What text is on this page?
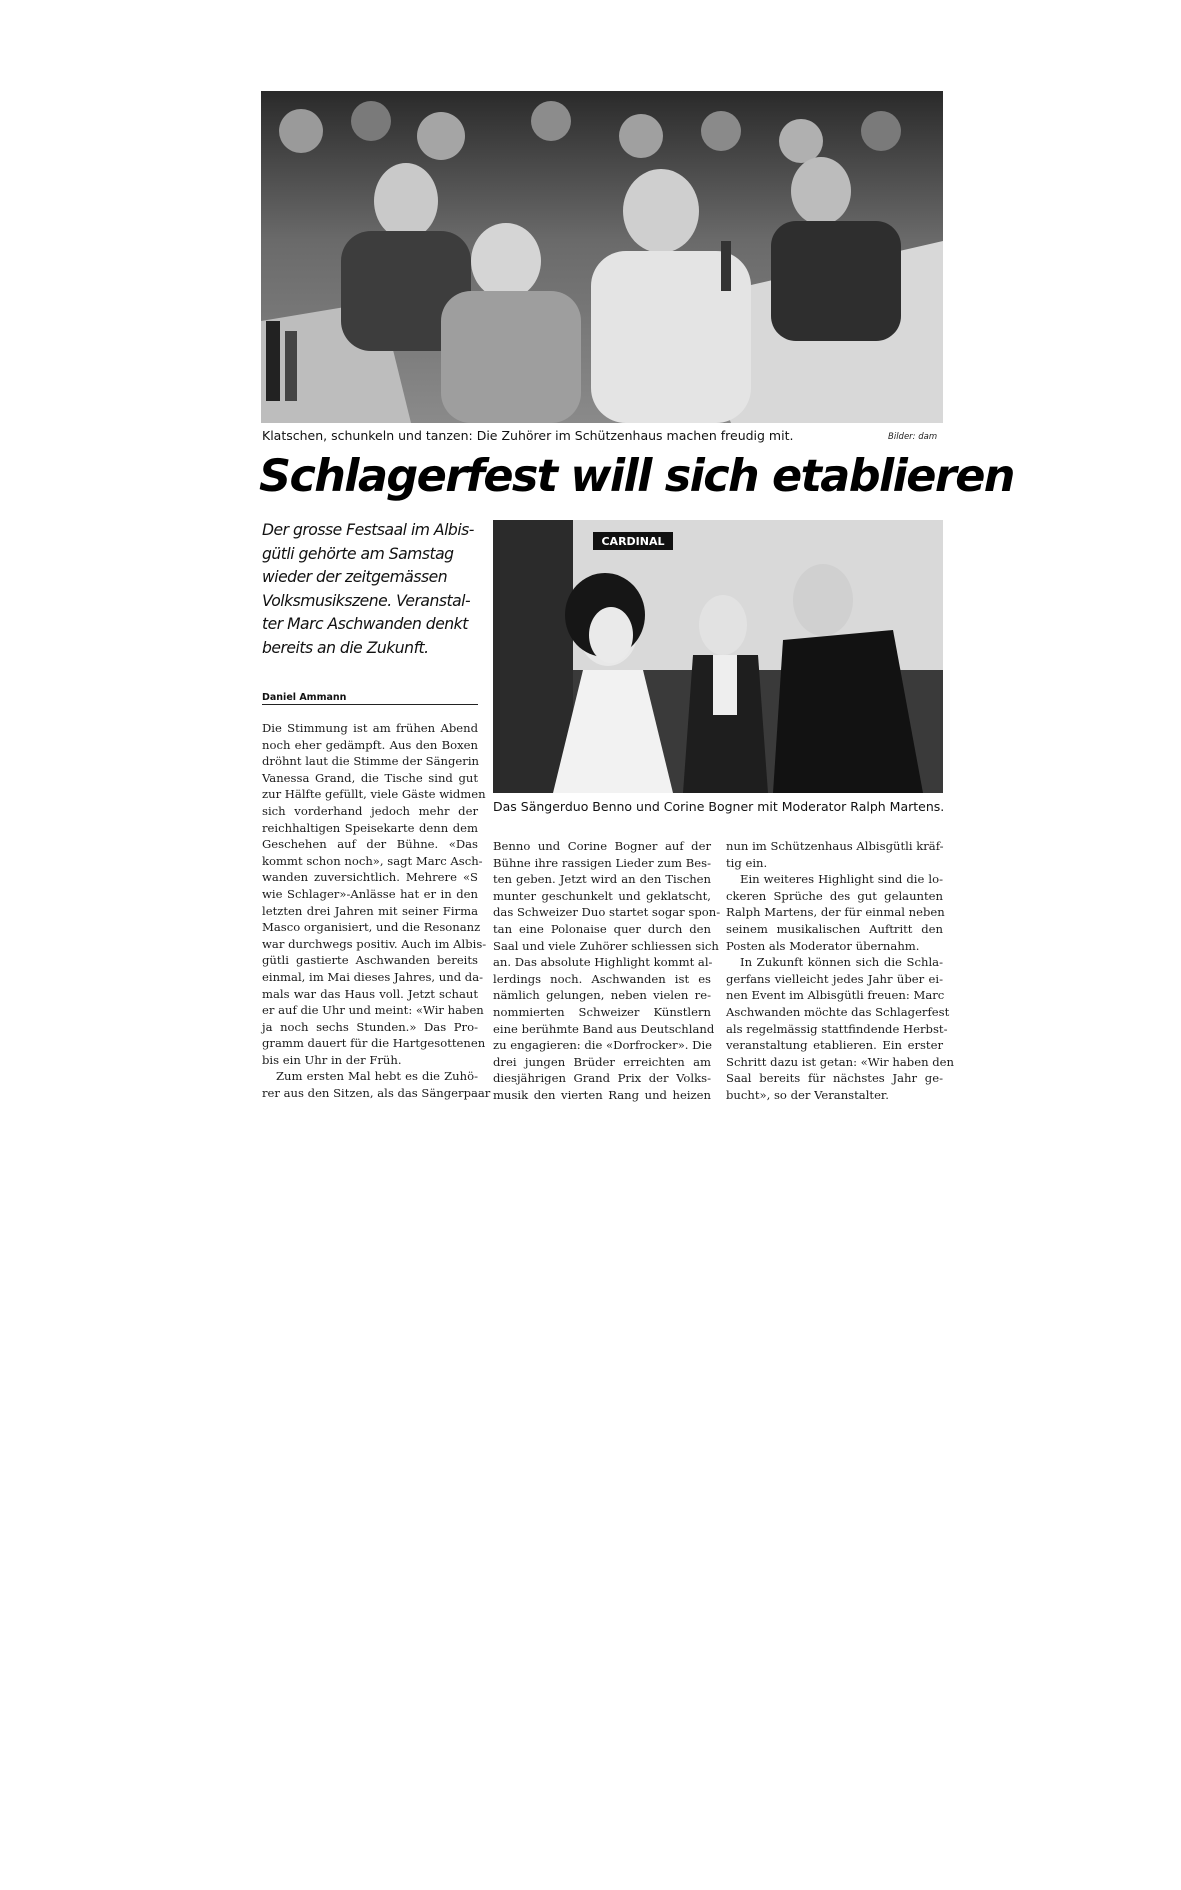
Klatschen, schunkeln und tanzen: Die Zuhörer im Schützenhaus machen freudig mit.	Bilder: dam
Schlagerfest will sich etablieren
Der grosse Festsaal im Albis-
gütli gehörte am Samstag
wieder der zeitgemässen
Volksmusikszene. Veranstal-
ter Marc Aschwanden denkt
bereits an die Zukunft.
CARDINAL
Das Sängerduo Benno und Corine Bogner mit Moderator Ralph Martens.
Daniel Ammann
Die Stimmung ist am frühen Abend
noch eher gedämpft. Aus den Boxen
dröhnt laut die Stimme der Sängerin
Vanessa Grand, die Tische sind gut
zur Hälfte gefüllt, viele Gäste widmen
sich vorderhand jedoch mehr der
reichhaltigen Speisekarte denn dem
Geschehen auf der Bühne. «Das
kommt schon noch», sagt Marc Asch-
wanden zuversichtlich. Mehrere «S
wie Schlager»-Anlässe hat er in den
letzten drei Jahren mit seiner Firma
Masco organisiert, und die Resonanz
war durchwegs positiv. Auch im Albis-
gütli gastierte Aschwanden bereits
einmal, im Mai dieses Jahres, und da-
mals war das Haus voll. Jetzt schaut
er auf die Uhr und meint: «Wir haben
ja noch sechs Stunden.» Das Pro-
gramm dauert für die Hartgesottenen
bis ein Uhr in der Früh.
Zum ersten Mal hebt es die Zuhö-
rer aus den Sitzen, als das Sängerpaar
Benno und Corine Bogner auf der
Bühne ihre rassigen Lieder zum Bes-
ten geben. Jetzt wird an den Tischen
munter geschunkelt und geklatscht,
das Schweizer Duo startet sogar spon-
tan eine Polonaise quer durch den
Saal und viele Zuhörer schliessen sich
an. Das absolute Highlight kommt al-
lerdings noch. Aschwanden ist es
nämlich gelungen, neben vielen re-
nommierten Schweizer Künstlern
eine berühmte Band aus Deutschland
zu engagieren: die «Dorfrocker». Die
drei jungen Brüder erreichten am
diesjährigen Grand Prix der Volks-
musik den vierten Rang und heizen
nun im Schützenhaus Albisgütli kräf-
tig ein.
Ein weiteres Highlight sind die lo-
ckeren Sprüche des gut gelaunten
Ralph Martens, der für einmal neben
seinem musikalischen Auftritt den
Posten als Moderator übernahm.
In Zukunft können sich die Schla-
gerfans vielleicht jedes Jahr über ei-
nen Event im Albisgütli freuen: Marc
Aschwanden möchte das Schlagerfest
als regelmässig stattfindende Herbst-
veranstaltung etablieren. Ein erster
Schritt dazu ist getan: «Wir haben den
Saal bereits für nächstes Jahr ge-
bucht», so der Veranstalter.
